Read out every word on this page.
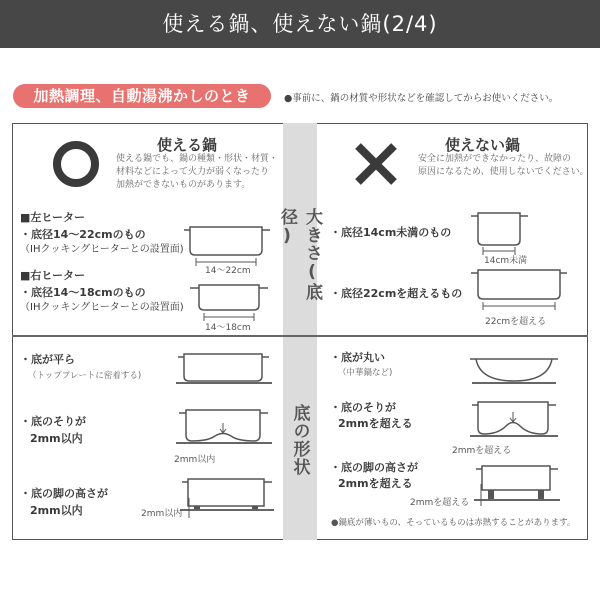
使える鍋、使えない鍋(2/4)
加熱調理、自動湯沸かしのとき	●事前に、鍋の材質や形状などを確認してからお使いください。
大きさ(底径)
底の形状
使える鍋
使える鍋でも、鍋の種類・形状・材質・
材料などによって火力が弱くなったり
加熱ができないものがあります。
使えない鍋
安全に加熱ができなかったり、故障の
原因になるため、使用しないでください。
■左ヒーター
・底径14～22cmのもの
（IHクッキングヒーターとの設置面)
14～22cm
■右ヒーター
・底径14～18cmのもの
（IHクッキングヒーターとの設置面)
14～18cm
・底径14cm未満のもの
14cm未満
・底径22cmを超えるもの
22cmを超える
・底が平ら
（トッププレートに密着する)
・底のそりが
2mm以内
2mm以内
・底の脚の高さが
2mm以内	2mm以内
・底が丸い
（中華鍋など)
・底のそりが
2mmを超える
2mmを超える
・底の脚の高さが
2mmを超える
2mmを超える
●鍋底が薄いもの、そっているものは赤熱することがあります。
